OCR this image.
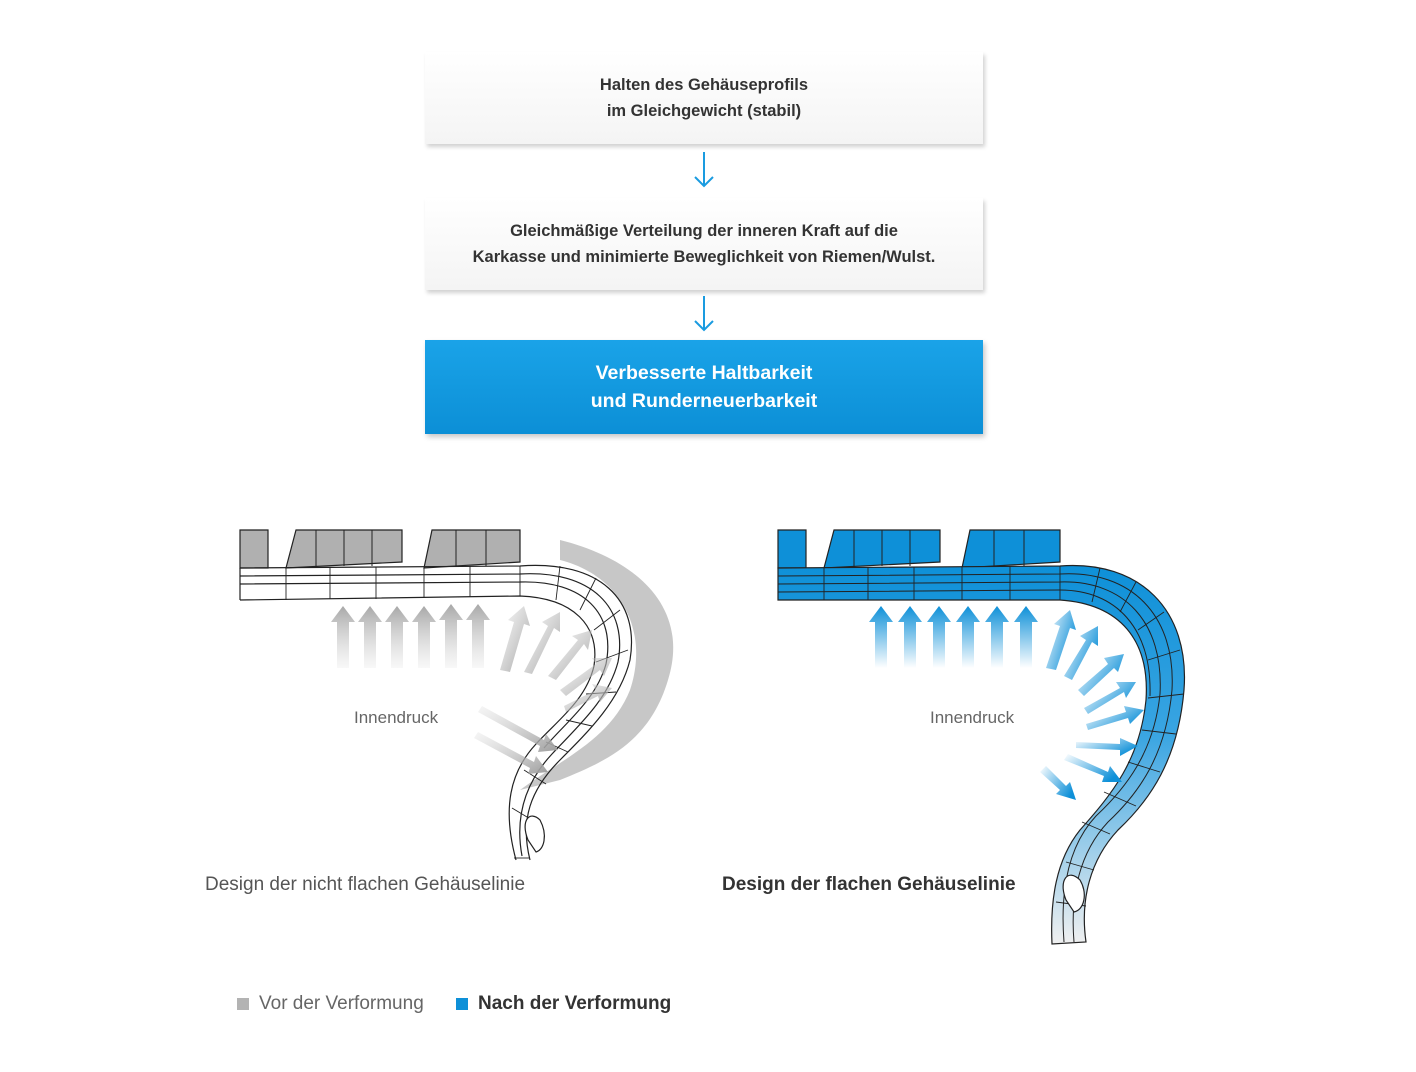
Halten des Gehäuseprofils
im Gleichgewicht (stabil)
Gleichmäßige Verteilung der inneren Kraft auf die
Karkasse und minimierte Beweglichkeit von Riemen/Wulst.
Verbesserte Haltbarkeit
und Runderneuerbarkeit
Innendruck
Design der nicht flachen Gehäuselinie
Innendruck
Design der flachen Gehäuselinie
Vor der Verformung	Nach der Verformung
